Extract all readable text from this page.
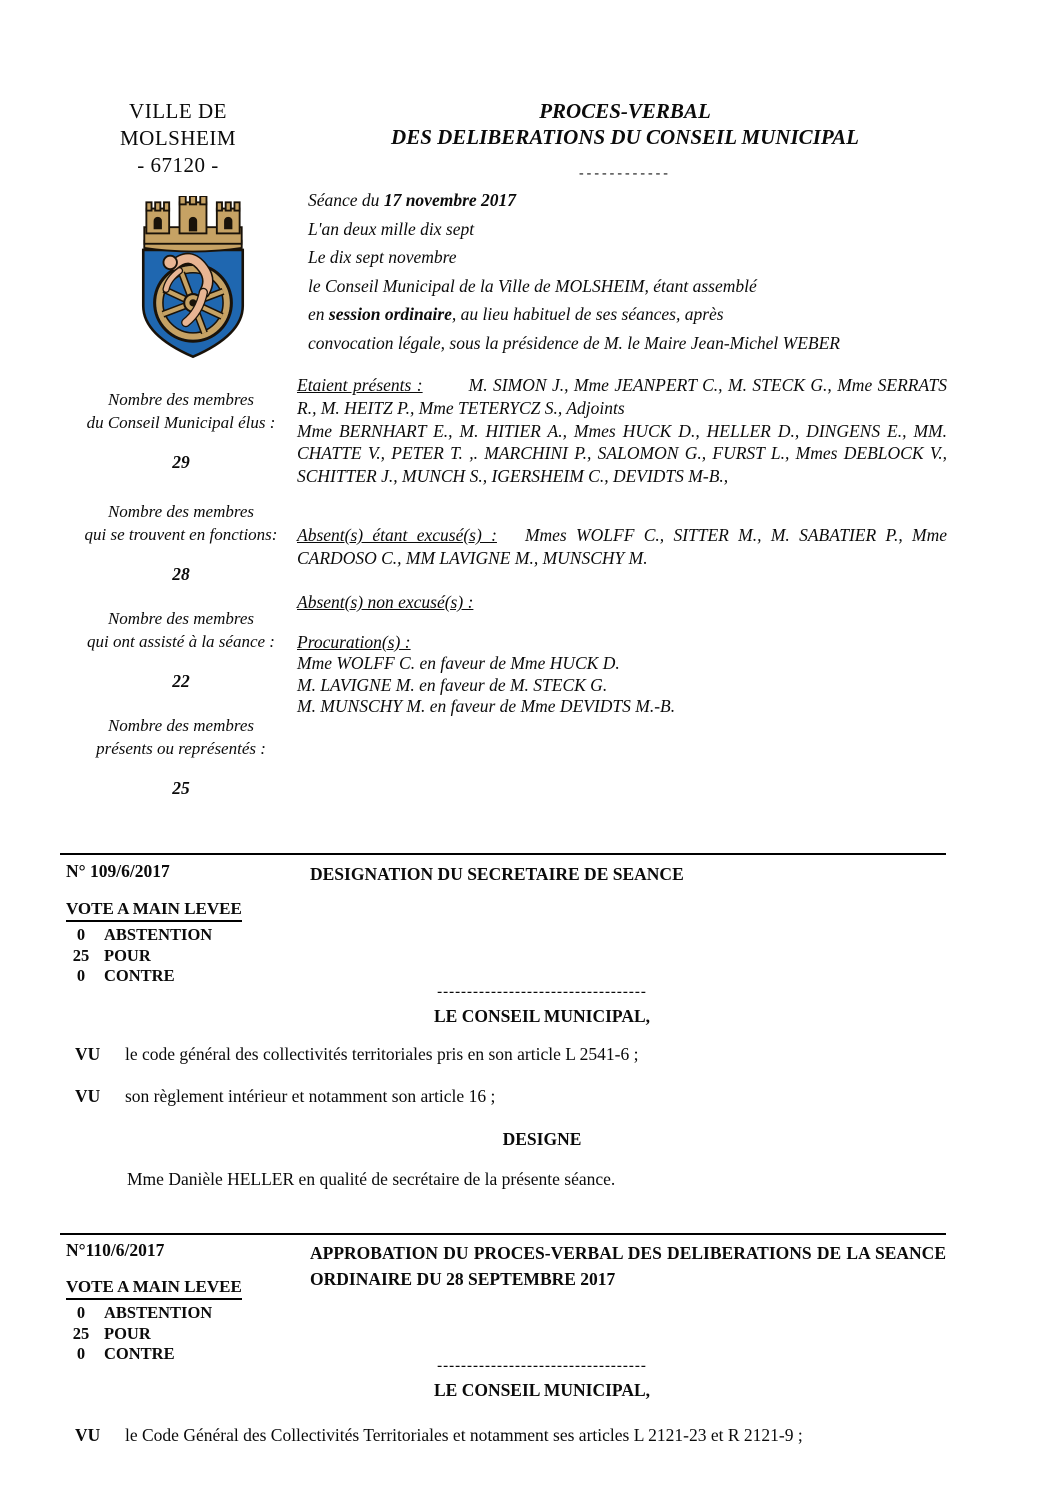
VILLE DE
MOLSHEIM
- 67120 -
PROCES-VERBAL
DES DELIBERATIONS DU CONSEIL MUNICIPAL
------------
Séance du 17 novembre 2017
L'an deux mille dix sept
Le dix sept novembre
le Conseil Municipal de la Ville de MOLSHEIM, étant assemblé
en session ordinaire, au lieu habituel de ses séances, après
convocation légale, sous la présidence de M. le Maire Jean-Michel WEBER
Nombre des membres
du Conseil Municipal élus :
29
Nombre des membres
qui se trouvent en fonctions:
28
Nombre des membres
qui ont assisté à la séance :
22
Nombre des membres
présents ou représentés :
25

Etaient présents :	M. SIMON J., Mme JEANPERT C., M. STECK G., Mme SERRATS R., M. HEITZ P., Mme TETERYCZ S., Adjoints

Mme BERNHART E., M. HITIER A., Mmes HUCK D., HELLER D., DINGENS E., MM. CHATTE V., PETER T. ,. MARCHINI P., SALOMON G., FURST L., Mmes DEBLOCK V., SCHITTER J., MUNCH S., IGERSHEIM C., DEVIDTS M-B.,

Absent(s) étant excusé(s) : Mmes WOLFF C., SITTER M., M. SABATIER P., Mme CARDOSO C., MM LAVIGNE M., MUNSCHY M.

Absent(s) non excusé(s) :

Procuration(s) :

Mme WOLFF C. en faveur de Mme HUCK D.
M. LAVIGNE M. en faveur de M. STECK G.
M. MUNSCHY M. en faveur de Mme DEVIDTS M.-B.
N° 109/6/2017	DESIGNATION DU SECRETAIRE DE SEANCE
VOTE A MAIN LEVEE
0 ABSTENTION
25 POUR
0 CONTRE
-----------------------------------
LE CONSEIL MUNICIPAL,
VU le code général des collectivités territoriales pris en son article L 2541-6 ;
VU son règlement intérieur et notamment son article 16 ;
DESIGNE
Mme Danièle HELLER en qualité de secrétaire de la présente séance.
N°110/6/2017	APPROBATION DU PROCES-VERBAL DES DELIBERATIONS DE LA SEANCE ORDINAIRE DU 28 SEPTEMBRE 2017
VOTE A MAIN LEVEE
0 ABSTENTION
25 POUR
0 CONTRE
-----------------------------------
LE CONSEIL MUNICIPAL,
VU le Code Général des Collectivités Territoriales et notamment ses articles L 2121-23 et R 2121-9 ;
